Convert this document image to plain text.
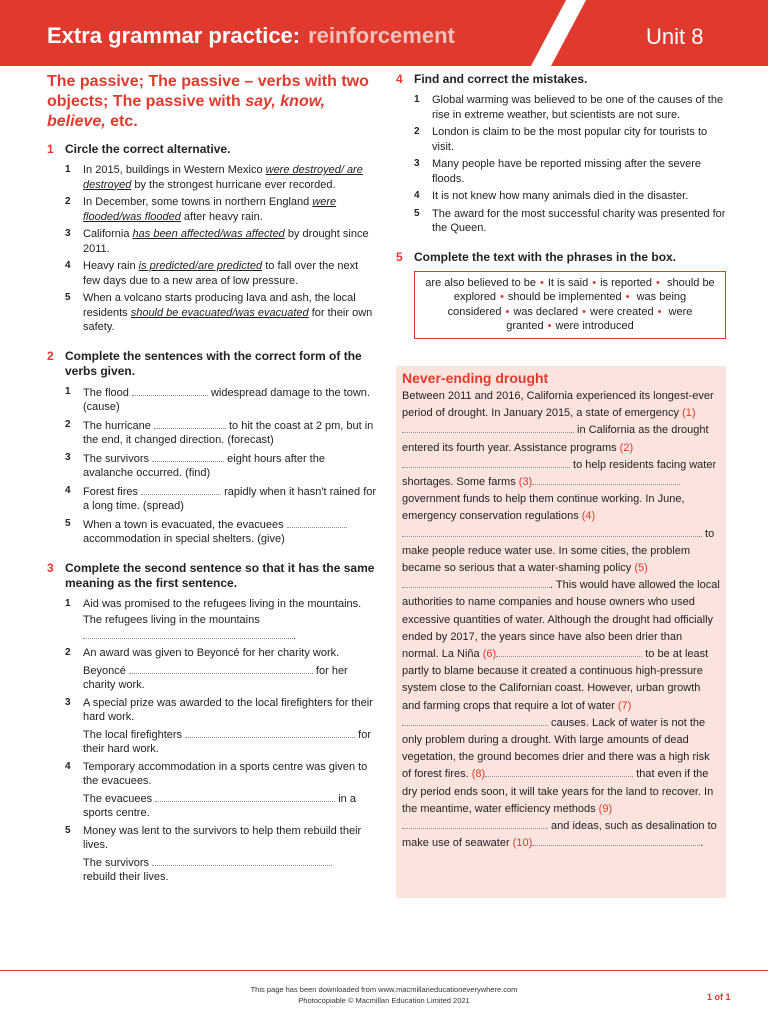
Extra grammar practice: reinforcement	Unit 8
The passive; The passive – verbs with two objects; The passive with say, know, believe, etc.
1 Circle the correct alternative.
1	In 2015, buildings in Western Mexico were destroyed/ are destroyed by the strongest hurricane ever recorded.
2	In December, some towns in northern England were flooded/was flooded after heavy rain.
3	California has been affected/was affected by drought since 2011.
4	Heavy rain is predicted/are predicted to fall over the next few days due to a new area of low pressure.
5	When a volcano starts producing lava and ash, the local residents should be evacuated/was evacuated for their own safety.
2 Complete the sentences with the correct form of the verbs given.
1	The flood	widespread damage to the town. (cause)
2	The hurricane	to hit the coast at 2 pm, but in the end, it changed direction. (forecast)
3	The survivors	eight hours after the avalanche occurred. (find)
4	Forest fires	rapidly when it hasn't rained for a long time. (spread)
5	When a town is evacuated, the evacuees  accommodation in special shelters. (give)
3 Complete the second sentence so that it has the same meaning as the first sentence.
1	Aid was promised to the refugees living in the mountains.
The refugees living in the mountains
.
2	An award was given to Beyoncé for her charity work.
Beyoncé	for her charity work.
3	A special prize was awarded to the local firefighters for their hard work.
The local firefighters	for their hard work.
4	Temporary accommodation in a sports centre was given to the evacuees.
The evacuees	in a sports centre.
5	Money was lent to the survivors to help them rebuild their lives.
The survivors
rebuild their lives.
4 Find and correct the mistakes.
1	Global warming was believed to be one of the causes of the rise in extreme weather, but scientists are not sure.
2	London is claim to be the most popular city for tourists to visit.
3	Many people have be reported missing after the severe floods.
4	It is not knew how many animals died in the disaster.
5	The award for the most successful charity was presented for the Queen.
5 Complete the text with the phrases in the box.
are also believed to be • It is said • is reported • should be explored • should be implemented • was being considered • was declared • were created • were granted • were introduced
Never-ending drought
Between 2011 and 2016, California experienced its longest-ever period of drought. In January 2015, a state of emergency (1) in California as the drought entered its fourth year. Assistance programs (2) to help residents facing water shortages. Some farms (3) government funds to help them continue working. In June, emergency conservation regulations (4) to make people reduce water use. In some cities, the problem became so serious that a water-shaming policy (5). This would have allowed the local authorities to name companies and house owners who used excessive quantities of water. Although the drought had officially ended by 2017, the years since have also been drier than normal. La Niña (6)	to be at least partly to blame because it created a continuous high-pressure system close to the Californian coast. However, urban growth and farming crops that require a lot of water (7) causes. Lack of water is not the only problem during a drought. With large amounts of dead vegetation, the ground becomes drier and there was a high risk of forest fires. (8)	that even if the dry period ends soon, it will take years for the land to recover. In the meantime, water efficiency methods (9) and ideas, such as desalination to make use of seawater (10)	.
This page has been downloaded from www.macmillaneducationeverywhere.com
Photocopiable © Macmillan Education Limited 2021	1 of 1
